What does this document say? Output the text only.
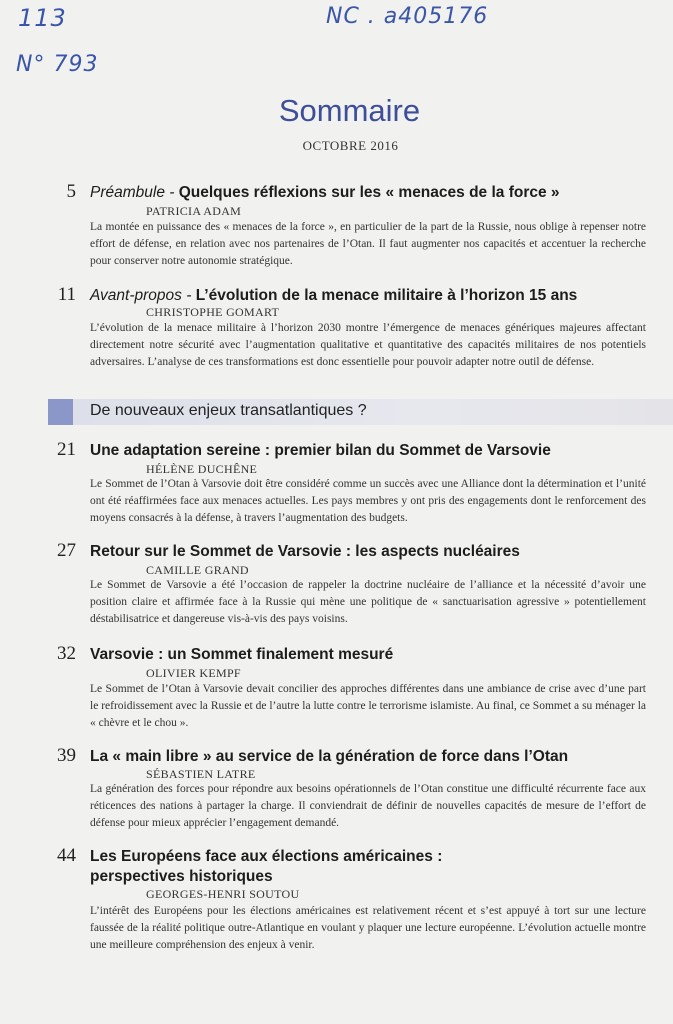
113	NC . a405176
N° 793
Sommaire
OCTOBRE 2016
5 Préambule - Quelques réflexions sur les « menaces de la force »
PATRICIA ADAM
La montée en puissance des « menaces de la force », en particulier de la part de la Russie, nous oblige à repenser notre effort de défense, en relation avec nos partenaires de l’Otan. Il faut augmenter nos capacités et accentuer la recherche pour conserver notre autonomie stratégique.
11 Avant-propos - L’évolution de la menace militaire à l’horizon 15 ans
CHRISTOPHE GOMART
L’évolution de la menace militaire à l’horizon 2030 montre l’émergence de menaces génériques majeures affectant directement notre sécurité avec l’augmentation qualitative et quantitative des capacités militaires de nos potentiels adversaires. L’analyse de ces transformations est donc essentielle pour pouvoir adapter notre outil de défense.
De nouveaux enjeux transatlantiques ?
21 Une adaptation sereine : premier bilan du Sommet de Varsovie
HÉLÈNE DUCHÊNE
Le Sommet de l’Otan à Varsovie doit être considéré comme un succès avec une Alliance dont la détermination et l’unité ont été réaffirmées face aux menaces actuelles. Les pays membres y ont pris des engagements dont le renforcement des moyens consacrés à la défense, à travers l’augmentation des budgets.
27 Retour sur le Sommet de Varsovie : les aspects nucléaires
CAMILLE GRAND
Le Sommet de Varsovie a été l’occasion de rappeler la doctrine nucléaire de l’alliance et la nécessité d’avoir une position claire et affirmée face à la Russie qui mène une politique de « sanctuarisation agressive » potentiellement déstabilisatrice et dangereuse vis-à-vis des pays voisins.
32 Varsovie : un Sommet finalement mesuré
OLIVIER KEMPF
Le Sommet de l’Otan à Varsovie devait concilier des approches différentes dans une ambiance de crise avec d’une part le refroidissement avec la Russie et de l’autre la lutte contre le terrorisme islamiste. Au final, ce Sommet a su ménager la « chèvre et le chou ».
39 La « main libre » au service de la génération de force dans l’Otan
SÉBASTIEN LATRE
La génération des forces pour répondre aux besoins opérationnels de l’Otan constitue une difficulté récurrente face aux réticences des nations à partager la charge. Il conviendrait de définir de nouvelles capacités de mesure de l’effort de défense pour mieux apprécier l’engagement demandé.
44 Les Européens face aux élections américaines : perspectives historiques
GEORGES-HENRI SOUTOU
L’intérêt des Européens pour les élections américaines est relativement récent et s’est appuyé à tort sur une lecture faussée de la réalité politique outre-Atlantique en voulant y plaquer une lecture européenne. L’évolution actuelle montre une meilleure compréhension des enjeux à venir.
